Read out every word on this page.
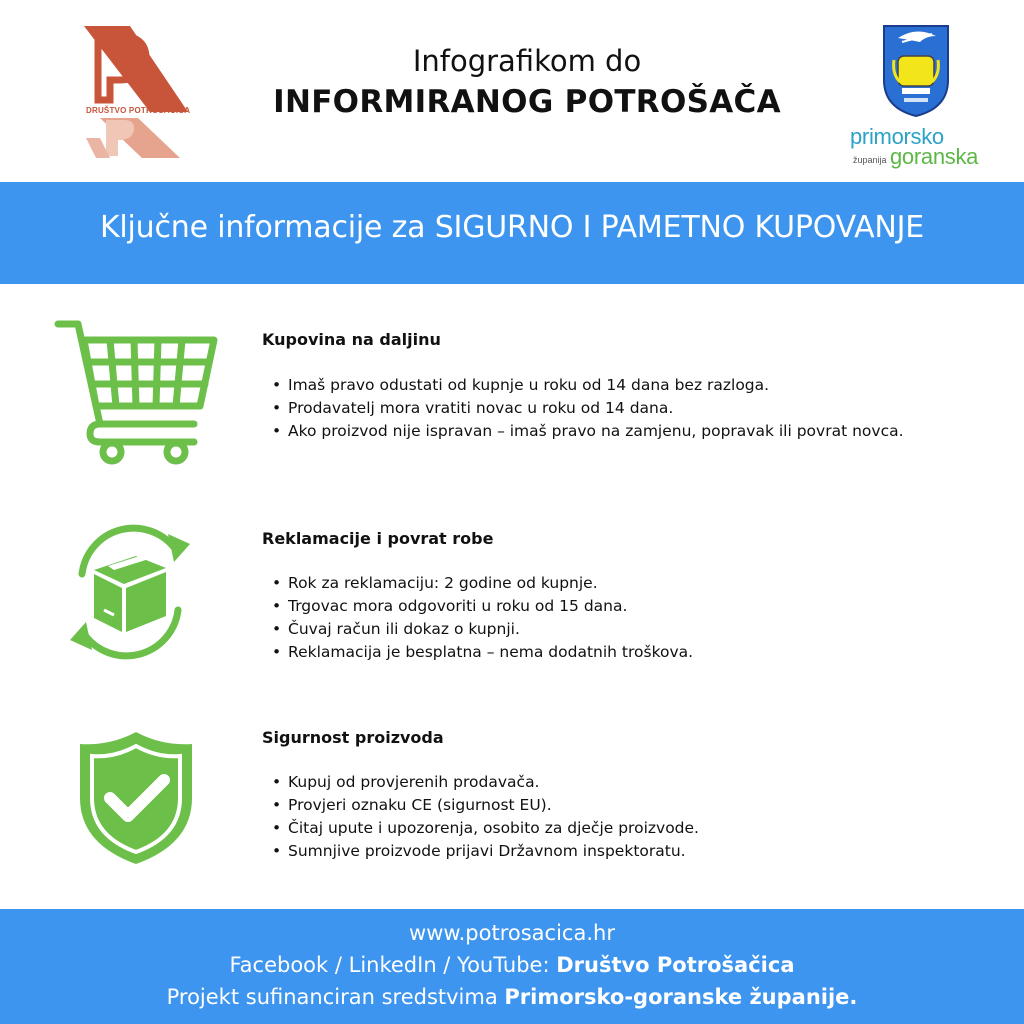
DRUŠTVO POTROŠAČICA
Infografikom do
INFORMIRANOG POTROŠAČA
primorsko
županija goranska
Ključne informacije za SIGURNO I PAMETNO KUPOVANJE
Kupovina na daljinu
• Imaš pravo odustati od kupnje u roku od 14 dana bez razloga.
• Prodavatelj mora vratiti novac u roku od 14 dana.
• Ako proizvod nije ispravan – imaš pravo na zamjenu, popravak ili povrat novca.
Reklamacije i povrat robe
• Rok za reklamaciju: 2 godine od kupnje.
• Trgovac mora odgovoriti u roku od 15 dana.
• Čuvaj račun ili dokaz o kupnji.
• Reklamacija je besplatna – nema dodatnih troškova.
Sigurnost proizvoda
• Kupuj od provjerenih prodavača.
• Provjeri oznaku CE (sigurnost EU).
• Čitaj upute i upozorenja, osobito za dječje proizvode.
• Sumnjive proizvode prijavi Državnom inspektoratu.
www.potrosacica.hr
Facebook / LinkedIn / YouTube: Društvo Potrošačica
Projekt sufinanciran sredstvima Primorsko-goranske županije.
